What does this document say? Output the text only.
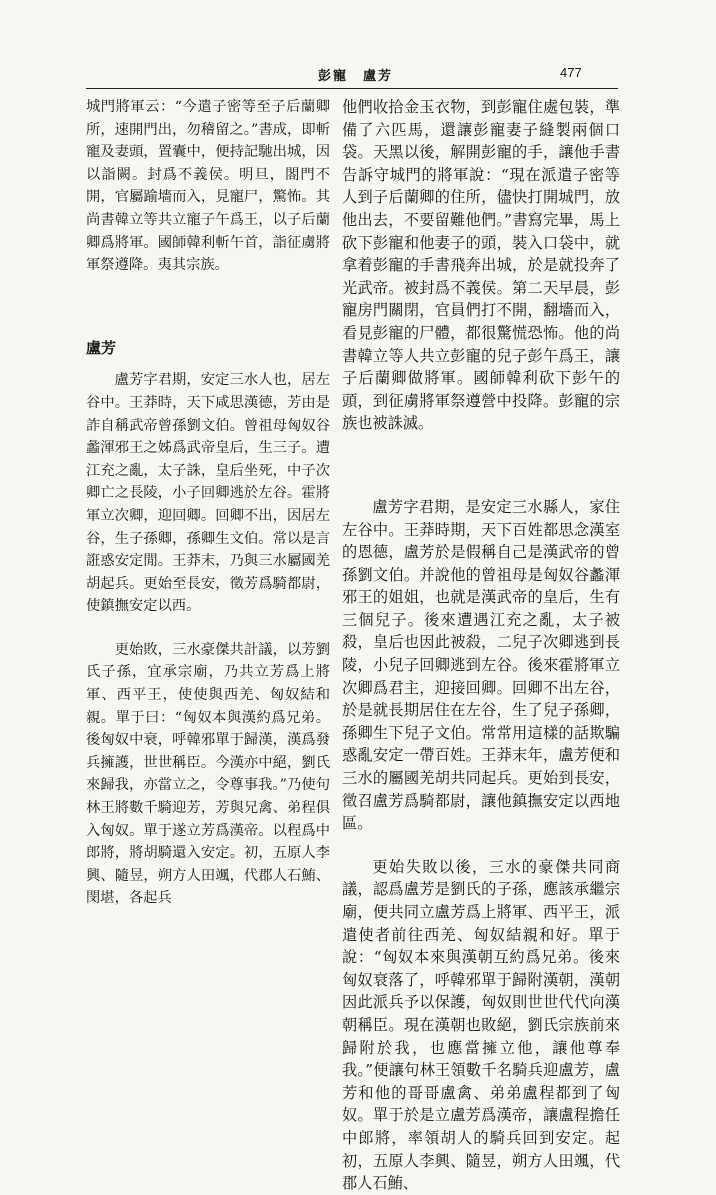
彭寵　盧芳	477

城門將軍云：“今遣子密等至子后蘭卿所，速開門出，勿稽留之。”書成，即斬寵及妻頭，置囊中，便持記馳出城，因以詣闕。封爲不義侯。明旦，閤門不開，官屬踰墻而入，見寵尸，驚怖。其尚書韓立等共立寵子午爲王，以子后蘭卿爲將軍。國師韓利斬午首，詣征虜將軍祭遵降。夷其宗族。

盧芳

盧芳字君期，安定三水人也，居左谷中。王莽時，天下咸思漢德，芳由是詐自稱武帝曾孫劉文伯。曾祖母匈奴谷蠡渾邪王之姊爲武帝皇后，生三子。遭江充之亂，太子誅，皇后坐死，中子次卿亡之長陵，小子回卿逃於左谷。霍將軍立次卿，迎回卿。回卿不出，因居左谷，生子孫卿，孫卿生文伯。常以是言誑惑安定閒。王莽末，乃與三水屬國羌胡起兵。更始至長安，徵芳爲騎都尉，使鎮撫安定以西。

更始敗，三水豪傑共計議，以芳劉氏子孫，宜承宗廟，乃共立芳爲上將軍、西平王，使使與西羌、匈奴結和親。單于曰：“匈奴本與漢約爲兄弟。後匈奴中衰，呼韓邪單于歸漢，漢爲發兵擁護，世世稱臣。今漢亦中絕，劉氏來歸我，亦當立之，令尊事我。”乃使句林王將數千騎迎芳，芳與兄禽、弟程俱入匈奴。單于遂立芳爲漢帝。以程爲中郎將，將胡騎還入安定。初，五原人李興、隨昱，朔方人田颯，代郡人石鮪、閔堪，各起兵

他們收拾金玉衣物，到彭寵住處包裝，準備了六匹馬，還讓彭寵妻子縫製兩個口袋。天黑以後，解開彭寵的手，讓他手書告訴守城門的將軍說：“現在派遣子密等人到子后蘭卿的住所，儘快打開城門，放他出去，不要留難他們。”書寫完畢，馬上砍下彭寵和他妻子的頭，裝入口袋中，就拿着彭寵的手書飛奔出城，於是就投奔了光武帝。被封爲不義侯。第二天早晨，彭寵房門關閉，官員們打不開，翻墻而入，看見彭寵的尸體，都很驚慌恐怖。他的尚書韓立等人共立彭寵的兒子彭午爲王，讓子后蘭卿做將軍。國師韓利砍下彭午的頭，到征虜將軍祭遵營中投降。彭寵的宗族也被誅滅。

盧芳字君期，是安定三水縣人，家住左谷中。王莽時期，天下百姓都思念漢室的恩德，盧芳於是假稱自己是漢武帝的曾孫劉文伯。并說他的曾祖母是匈奴谷蠡渾邪王的姐姐，也就是漢武帝的皇后，生有三個兒子。後來遭遇江充之亂，太子被殺，皇后也因此被殺，二兒子次卿逃到長陵，小兒子回卿逃到左谷。後來霍將軍立次卿爲君主，迎接回卿。回卿不出左谷，於是就長期居住在左谷，生了兒子孫卿，孫卿生下兒子文伯。常常用這樣的話欺騙惑亂安定一帶百姓。王莽末年，盧芳便和三水的屬國羌胡共同起兵。更始到長安，徵召盧芳爲騎都尉，讓他鎮撫安定以西地區。

更始失敗以後，三水的豪傑共同商議，認爲盧芳是劉氏的子孫，應該承繼宗廟，便共同立盧芳爲上將軍、西平王，派遣使者前往西羌、匈奴結親和好。單于說：“匈奴本來與漢朝互約爲兄弟。後來匈奴衰落了，呼韓邪單于歸附漢朝，漢朝因此派兵予以保護，匈奴則世世代代向漢朝稱臣。現在漢朝也敗絕，劉氏宗族前來歸附於我，也應當擁立他，讓他尊奉我。”便讓句林王領數千名騎兵迎盧芳，盧芳和他的哥哥盧禽、弟弟盧程都到了匈奴。單于於是立盧芳爲漢帝，讓盧程擔任中郎將，率領胡人的騎兵回到安定。起初，五原人李興、隨昱，朔方人田颯，代郡人石鮪、
